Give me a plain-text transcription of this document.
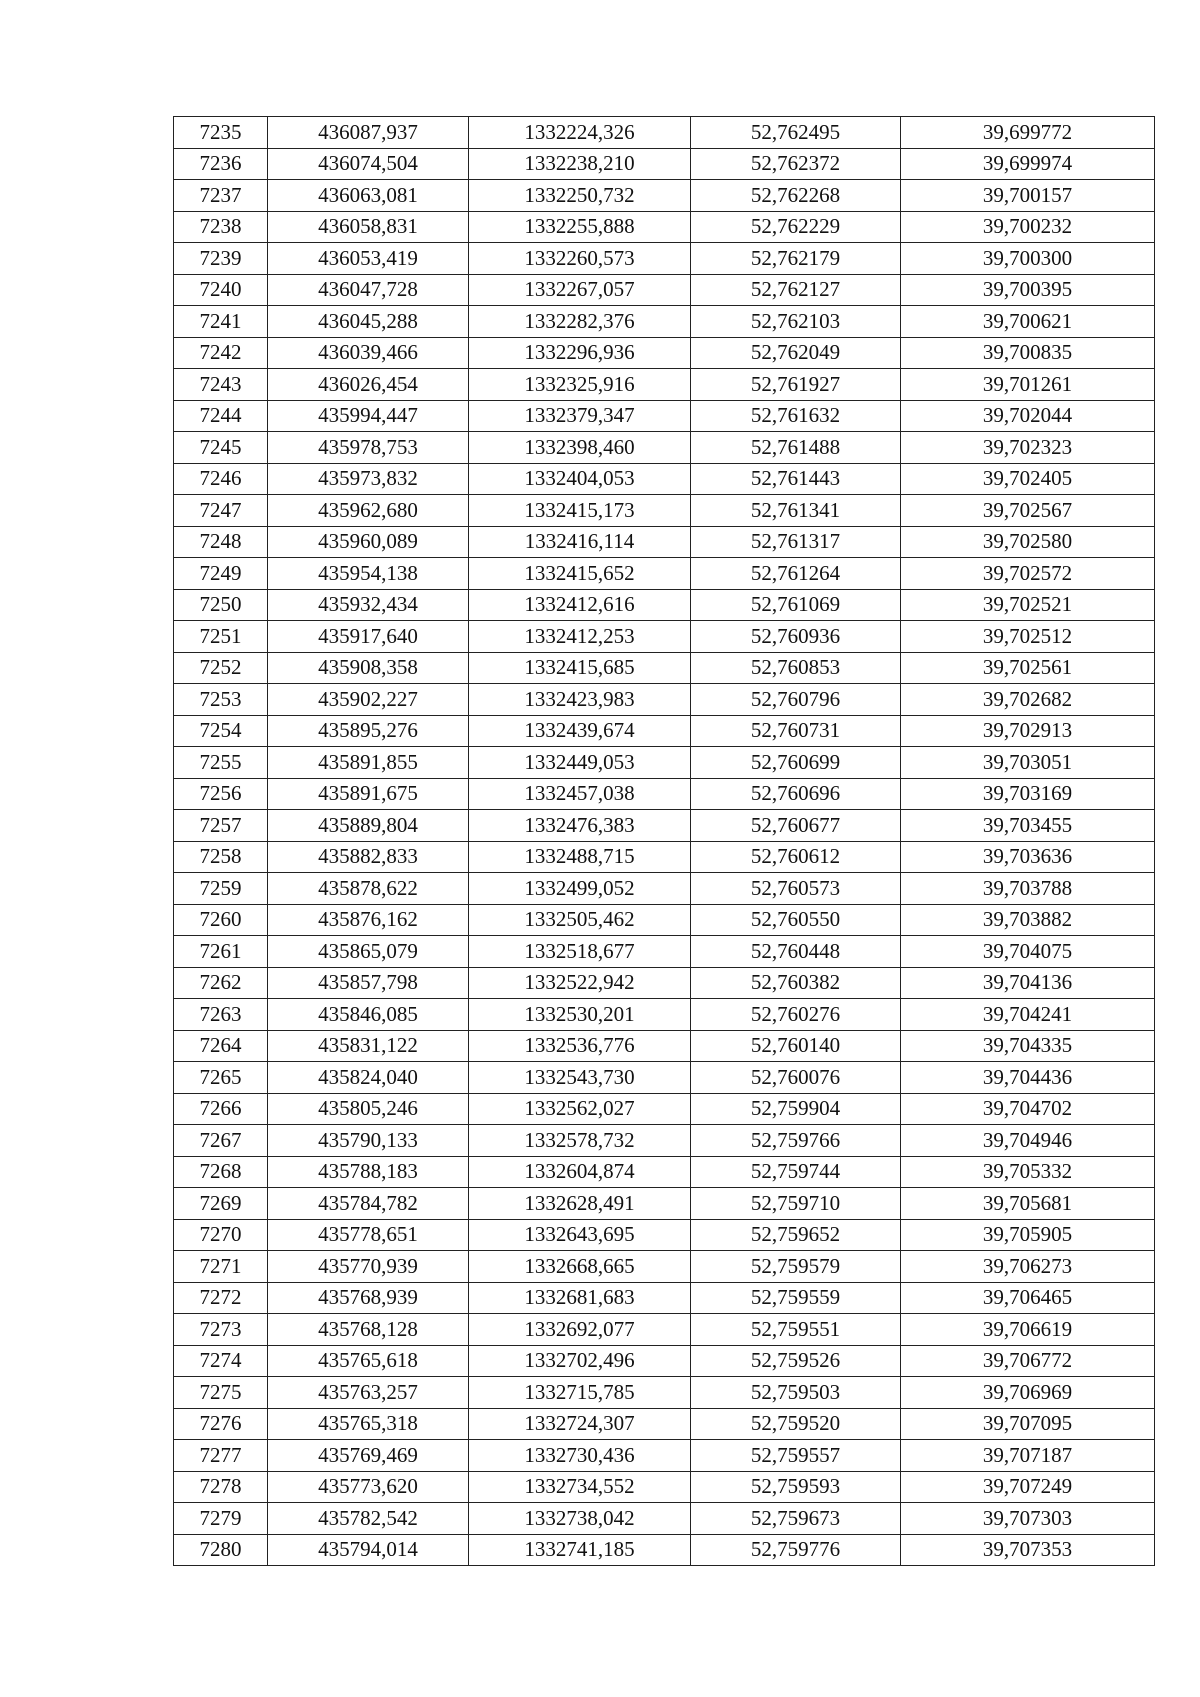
7235	436087,937	1332224,326	52,762495	39,699772
7236	436074,504	1332238,210	52,762372	39,699974
7237	436063,081	1332250,732	52,762268	39,700157
7238	436058,831	1332255,888	52,762229	39,700232
7239	436053,419	1332260,573	52,762179	39,700300
7240	436047,728	1332267,057	52,762127	39,700395
7241	436045,288	1332282,376	52,762103	39,700621
7242	436039,466	1332296,936	52,762049	39,700835
7243	436026,454	1332325,916	52,761927	39,701261
7244	435994,447	1332379,347	52,761632	39,702044
7245	435978,753	1332398,460	52,761488	39,702323
7246	435973,832	1332404,053	52,761443	39,702405
7247	435962,680	1332415,173	52,761341	39,702567
7248	435960,089	1332416,114	52,761317	39,702580
7249	435954,138	1332415,652	52,761264	39,702572
7250	435932,434	1332412,616	52,761069	39,702521
7251	435917,640	1332412,253	52,760936	39,702512
7252	435908,358	1332415,685	52,760853	39,702561
7253	435902,227	1332423,983	52,760796	39,702682
7254	435895,276	1332439,674	52,760731	39,702913
7255	435891,855	1332449,053	52,760699	39,703051
7256	435891,675	1332457,038	52,760696	39,703169
7257	435889,804	1332476,383	52,760677	39,703455
7258	435882,833	1332488,715	52,760612	39,703636
7259	435878,622	1332499,052	52,760573	39,703788
7260	435876,162	1332505,462	52,760550	39,703882
7261	435865,079	1332518,677	52,760448	39,704075
7262	435857,798	1332522,942	52,760382	39,704136
7263	435846,085	1332530,201	52,760276	39,704241
7264	435831,122	1332536,776	52,760140	39,704335
7265	435824,040	1332543,730	52,760076	39,704436
7266	435805,246	1332562,027	52,759904	39,704702
7267	435790,133	1332578,732	52,759766	39,704946
7268	435788,183	1332604,874	52,759744	39,705332
7269	435784,782	1332628,491	52,759710	39,705681
7270	435778,651	1332643,695	52,759652	39,705905
7271	435770,939	1332668,665	52,759579	39,706273
7272	435768,939	1332681,683	52,759559	39,706465
7273	435768,128	1332692,077	52,759551	39,706619
7274	435765,618	1332702,496	52,759526	39,706772
7275	435763,257	1332715,785	52,759503	39,706969
7276	435765,318	1332724,307	52,759520	39,707095
7277	435769,469	1332730,436	52,759557	39,707187
7278	435773,620	1332734,552	52,759593	39,707249
7279	435782,542	1332738,042	52,759673	39,707303
7280	435794,014	1332741,185	52,759776	39,707353
